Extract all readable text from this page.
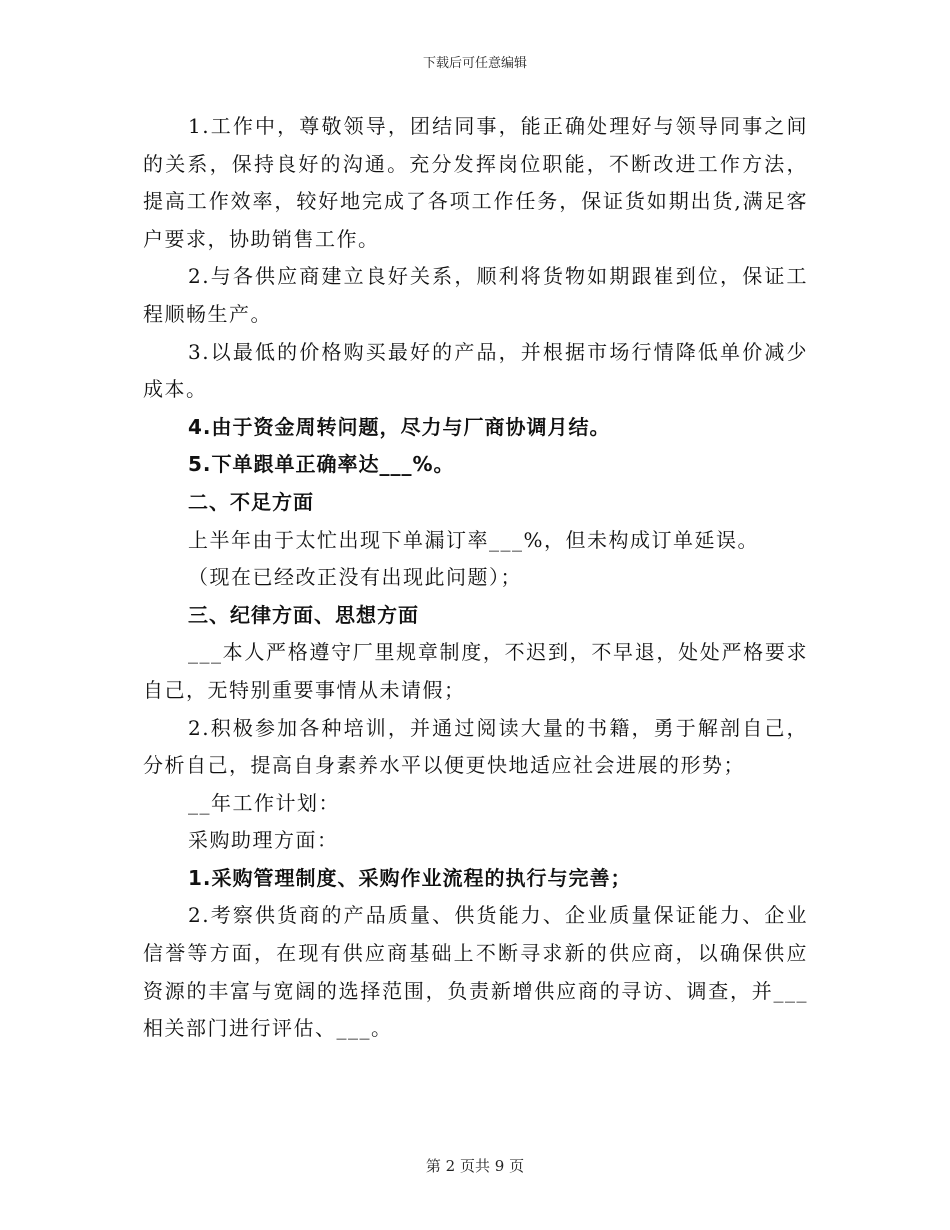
下载后可任意编辑

1.工作中，尊敬领导，团结同事，能正确处理好与领导同事之间的关系，保持良好的沟通。充分发挥岗位职能，不断改进工作方法，提高工作效率，较好地完成了各项工作任务，保证货如期出货,满足客户要求，协助销售工作。

2.与各供应商建立良好关系，顺利将货物如期跟崔到位，保证工程顺畅生产。

3.以最低的价格购买最好的产品，并根据市场行情降低单价减少成本。

4.由于资金周转问题，尽力与厂商协调月结。

5.下单跟单正确率达___%。

二、不足方面

上半年由于太忙出现下单漏订率___%，但未构成订单延误。

（现在已经改正没有出现此问题）；

三、纪律方面、思想方面

___本人严格遵守厂里规章制度，不迟到，不早退，处处严格要求自己，无特别重要事情从未请假；

2.积极参加各种培训，并通过阅读大量的书籍，勇于解剖自己，分析自己，提高自身素养水平以便更快地适应社会进展的形势；

__年工作计划：

采购助理方面：

1.采购管理制度、采购作业流程的执行与完善；

2.考察供货商的产品质量、供货能力、企业质量保证能力、企业信誉等方面，在现有供应商基础上不断寻求新的供应商，以确保供应资源的丰富与宽阔的选择范围，负责新增供应商的寻访、调查，并___相关部门进行评估、___。

第 2 页共 9 页
